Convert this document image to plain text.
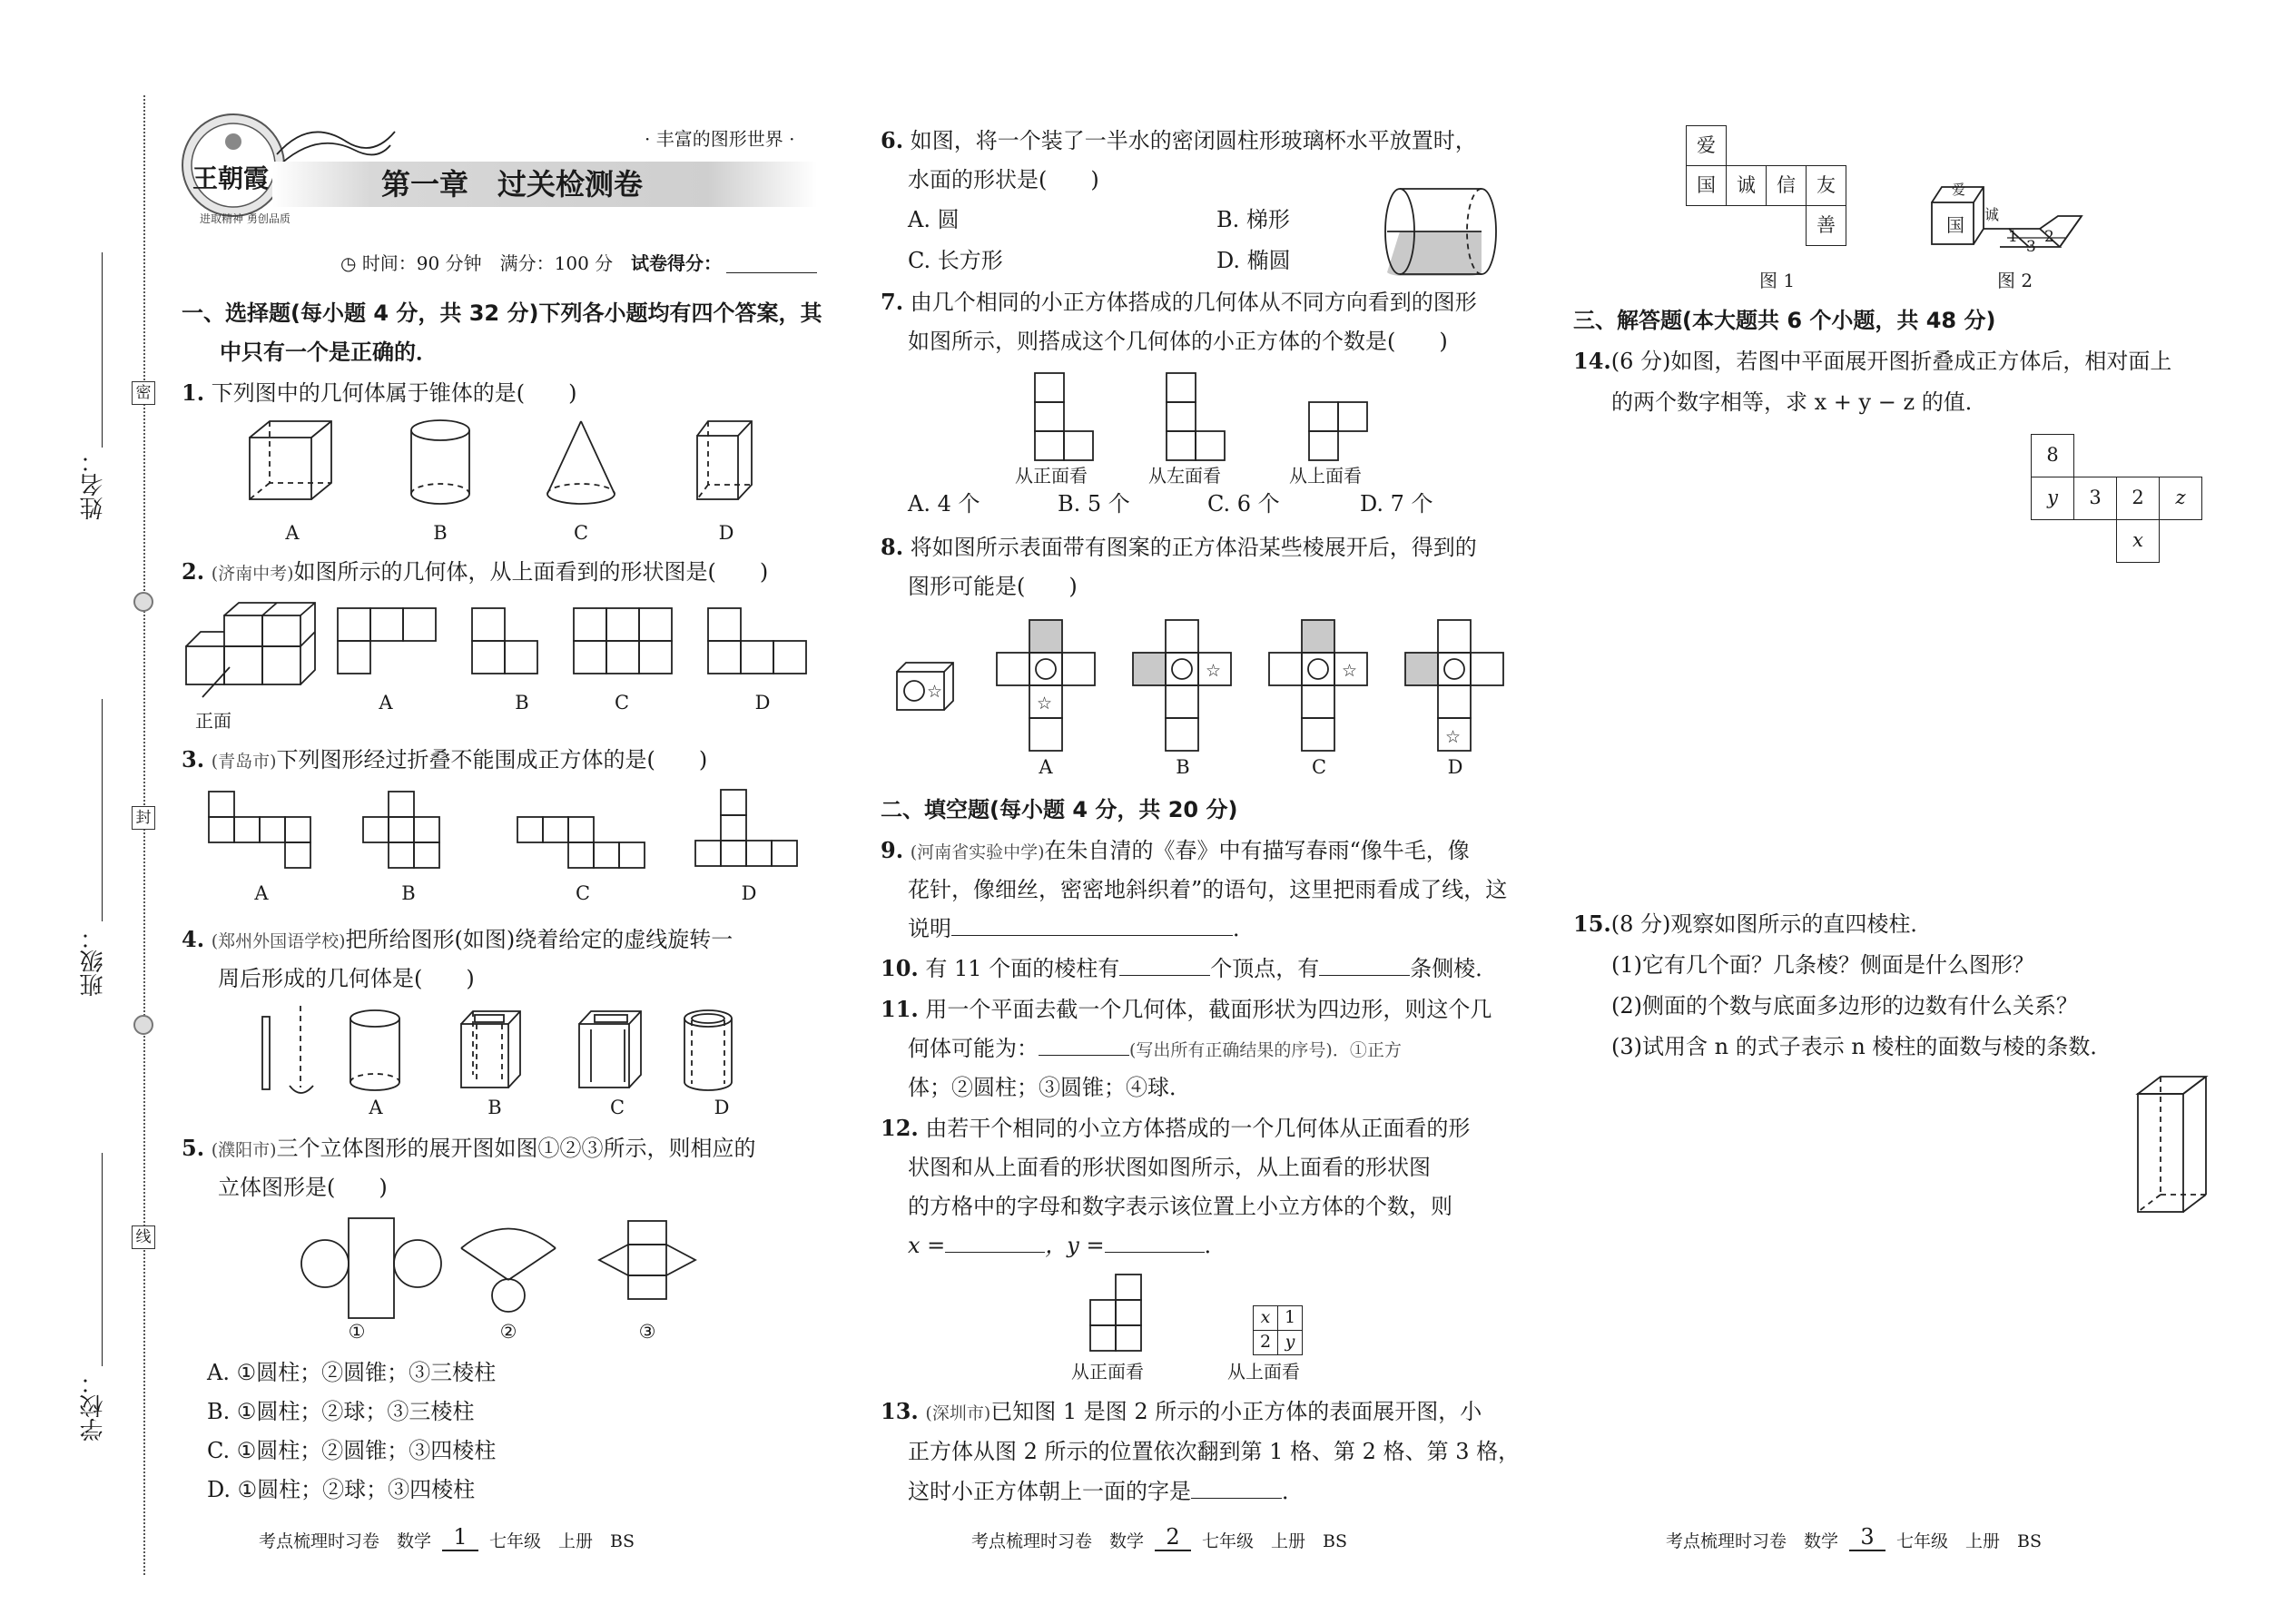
姓名：
班级：
学校：
密
封
线
王朝霞
进取精神 勇创品质
· 丰富的图形世界 ·
第一章　过关检测卷
◷ 时间：90 分钟　满分：100 分 试卷得分：
一、选择题(每小题 4 分，共 32 分)下列各小题均有四个答案，其
中只有一个是正确的．
1. 下列图中的几何体属于锥体的是(　　)
A	B	C	D
2. (济南中考)如图所示的几何体，从上面看到的形状图是(　　)
正面
A	B	C	D
3. (青岛市)下列图形经过折叠不能围成正方体的是(　　)
A	B	C	D
4. (郑州外国语学校)把所给图形(如图)绕着给定的虚线旋转一
周后形成的几何体是(　　)
A	B	C	D
5. (濮阳市)三个立体图形的展开图如图①②③所示，则相应的
立体图形是(　　)
①	②	③
A. ①圆柱；②圆锥；③三棱柱
B. ①圆柱；②球；③三棱柱
C. ①圆柱；②圆锥；③四棱柱
D. ①圆柱；②球；③四棱柱
6. 如图，将一个装了一半水的密闭圆柱形玻璃杯水平放置时，
水面的形状是(　　)
A. 圆	B. 梯形
C. 长方形	D. 椭圆
7. 由几个相同的小正方体搭成的几何体从不同方向看到的图形
如图所示，则搭成这个几何体的小正方体的个数是(　　)
从正面看	从左面看	从上面看
A. 4 个	B. 5 个	C. 6 个	D. 7 个
8. 将如图所示表面带有图案的正方体沿某些棱展开后，得到的
图形可能是(　　)
☆
☆
☆	☆
☆
A	B	C	D
二、填空题(每小题 4 分，共 20 分)
9. (河南省实验中学)在朱自清的《春》中有描写春雨“像牛毛，像
花针，像细丝，密密地斜织着”的语句，这里把雨看成了线，这
说明	．
10. 有 11 个面的棱柱有	个顶点，有	条侧棱．
11. 用一个平面去截一个几何体，截面形状为四边形，则这个几
何体可能为：	(写出所有正确结果的序号)．①正方
体；②圆柱；③圆锥；④球．
12. 由若干个相同的小立方体搭成的一个几何体从正面看的形
状图和从上面看的形状图如图所示，从上面看的形状图
的方格中的字母和数字表示该位置上小立方体的个数，则
x =	，y =	．
x 1
2 y
从正面看	从上面看
13. (深圳市)已知图 1 是图 2 所示的小正方体的表面展开图，小
正方体从图 2 所示的位置依次翻到第 1 格、第 2 格、第 3 格，
这时小正方体朝上一面的字是	．
爱
国	诚	信	友
善
图 1
爱
国 诚
1 2
3
图 2
三、解答题(本大题共 6 个小题，共 48 分)
14.(6 分)如图，若图中平面展开图折叠成正方体后，相对面上
的两个数字相等，求 x + y − z 的值．
8
y	3	2	z
x
15.(8 分)观察如图所示的直四棱柱．
(1)它有几个面？几条棱？侧面是什么图形？
(2)侧面的个数与底面多边形的边数有什么关系？
(3)试用含 n 的式子表示 n 棱柱的面数与棱的条数．
考点梳理时习卷　数学 1 七年级　上册　BS	考点梳理时习卷　数学 2 七年级　上册　BS	考点梳理时习卷　数学 3 七年级　上册　BS
